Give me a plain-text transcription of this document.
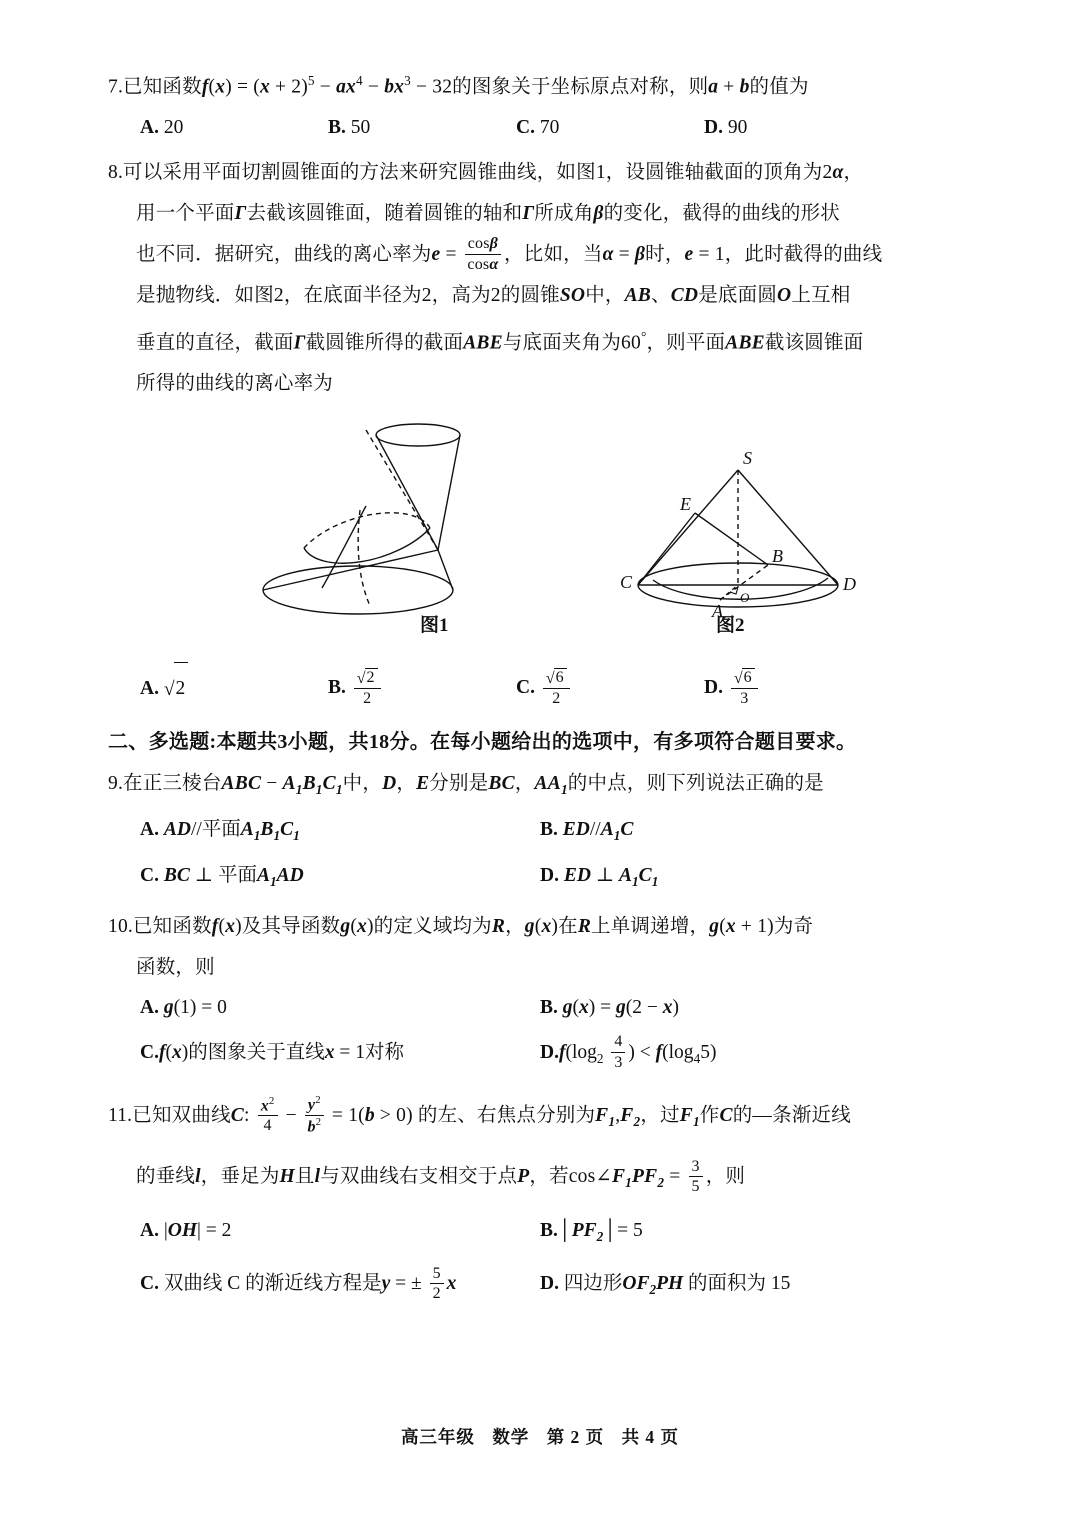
7.已知函数$f(x) = (x + 2)^5 - ax^4 - bx^3 - 32$的图象关于坐标原点对称，则a + b的值为
A. 20	B. 50	C. 70	D. 90
8.可以采用平面切割圆锥面的方法来研究圆锥曲线，如图1，设圆锥轴截面的顶角为2α，
用一个平面Γ去截该圆锥面，随着圆锥的轴和Γ所成角β的变化，截得的曲线的形状
也不同．据研究，曲线的离心率为$e = \frac{\cos\beta}{\cos\alpha}$ ，比如，当α = β时，e = 1，此时截得的曲线
是抛物线．如图2，在底面半径为2，高为2的圆锥SO中，AB、CD是底面圆O上互相
垂直的直径，截面Γ截圆锥所得的截面ABE与底面夹角为60°，则平面ABE截该圆锥面
所得的曲线的离心率为
S
E
B
C	D
A
O
图1	图2
A. √2	B. $\frac{√2}{2}$	C. $\frac{√6}{2}$	D. $\frac{√6}{3}$
二、多选题:本题共3小题，共18分。在每小题给出的选项中，有多项符合题目要求。
9.在正三棱台ABC − $A_1B_1C_1$中，D，E分别是BC，$AA_1$的中点，则下列说法正确的是
A. AD//平面$A_1B_1C_1$	B. $ED//A_1C$
C. BC ⊥ 平面$A_1AD$	D. ED ⊥ $A_1C_1$
10.已知函数f(x)及其导函数g(x)的定义域均为R，g(x)在R上单调递增，g(x + 1)为奇
函数，则
A. g(1) = 0	B. g(x) = g(2 − x)
C.f(x)的图象关于直线x = 1对称	$D.f(\log_2 \frac{4}{3}$ ) < $f(\log_45)$
11.已知双曲线C: $\frac{x^2}{4} - \frac{y^2}{b^2} = 1(b > 0)$ 的左、右焦点分别为$F_1,F_2$，过$F_1$作C的—条渐近线
的垂线l，垂足为H且l与双曲线右支相交于点P，若$\cos\angle F_1PF_2 = \frac{3}{5}$ ，则
A. |OH| = 2	$B.│PF_2│= 5$
C. 双曲线 C 的渐近线方程是y = ± $\frac{5}{2}$ x	D. 四边形$OF_2PH$ 的面积为 15
高三年级 数学 第 2 页 共 4 页
